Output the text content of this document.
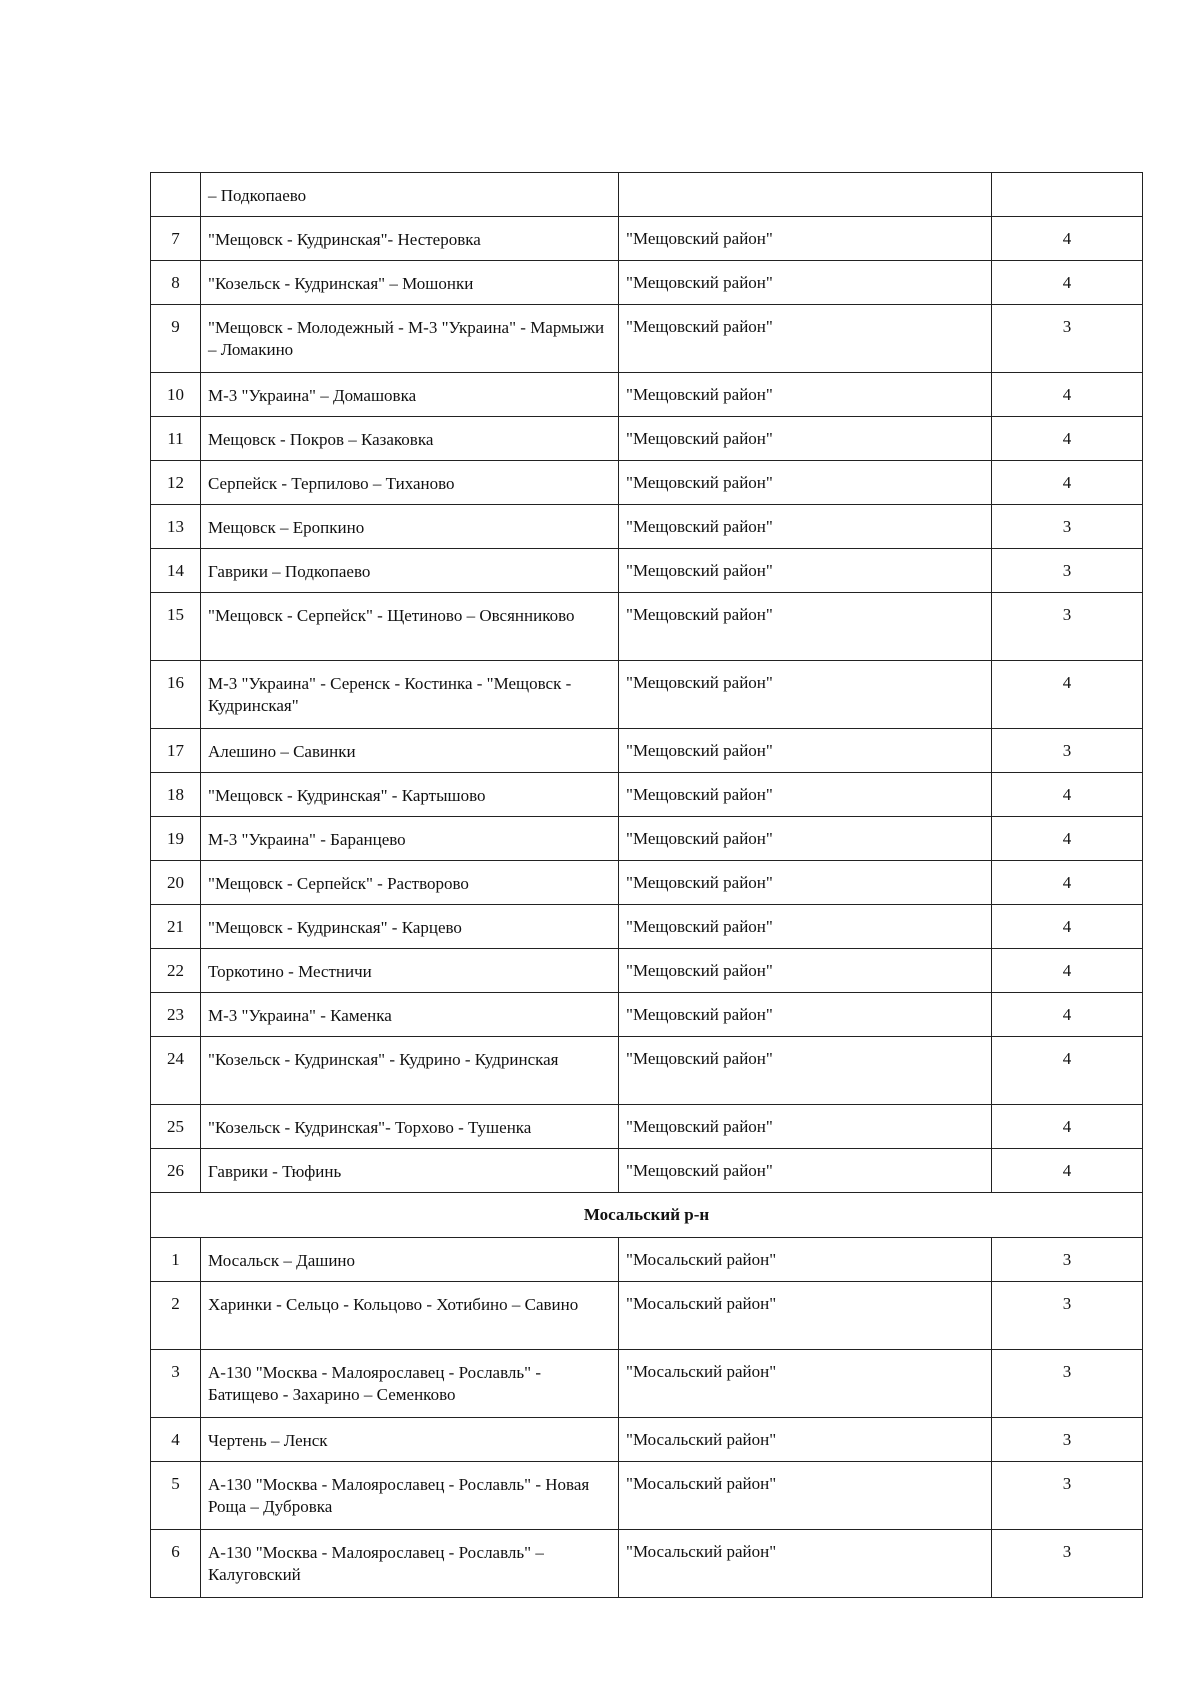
	– Подкопаево		
7	"Мещовск - Кудринская"- Нестеровка	"Мещовский район"	4
8	"Козельск - Кудринская" – Мошонки	"Мещовский район"	4
9	"Мещовск - Молодежный - М-3 "Украина" - Мармыжи – Ломакино	"Мещовский район"	3
10	М-3 "Украина" – Домашовка	"Мещовский район"	4
11	Мещовск - Покров – Казаковка	"Мещовский район"	4
12	Серпейск - Терпилово – Тиханово	"Мещовский район"	4
13	Мещовск – Еропкино	"Мещовский район"	3
14	Гаврики – Подкопаево	"Мещовский район"	3
15	"Мещовск - Серпейск" - Щетиново – Овсянниково	"Мещовский район"	3
16	М-3 "Украина" - Серенск - Костинка - "Мещовск - Кудринская"	"Мещовский район"	4
17	Алешино – Савинки	"Мещовский район"	3
18	"Мещовск - Кудринская" - Картышово	"Мещовский район"	4
19	М-3 "Украина" - Баранцево	"Мещовский район"	4
20	"Мещовск - Серпейск" - Растворово	"Мещовский район"	4
21	"Мещовск - Кудринская" - Карцево	"Мещовский район"	4
22	Торкотино - Местничи	"Мещовский район"	4
23	М-3 "Украина" - Каменка	"Мещовский район"	4
24	"Козельск - Кудринская" - Кудрино - Кудринская	"Мещовский район"	4
25	"Козельск - Кудринская"- Торхово - Тушенка	"Мещовский район"	4
26	Гаврики - Тюфинь	"Мещовский район"	4
Мосальский р-н			
1	Мосальск – Дашино	"Мосальский район"	3
2	Харинки - Сельцо - Кольцово - Хотибино – Савино	"Мосальский район"	3
3	А-130 "Москва - Малоярославец - Рославль" - Батищево - Захарино – Семенково	"Мосальский район"	3
4	Чертень – Ленск	"Мосальский район"	3
5	А-130 "Москва - Малоярославец - Рославль" - Новая Роща – Дубровка	"Мосальский район"	3
6	А-130 "Москва - Малоярославец - Рославль" – Калуговский	"Мосальский район"	3
